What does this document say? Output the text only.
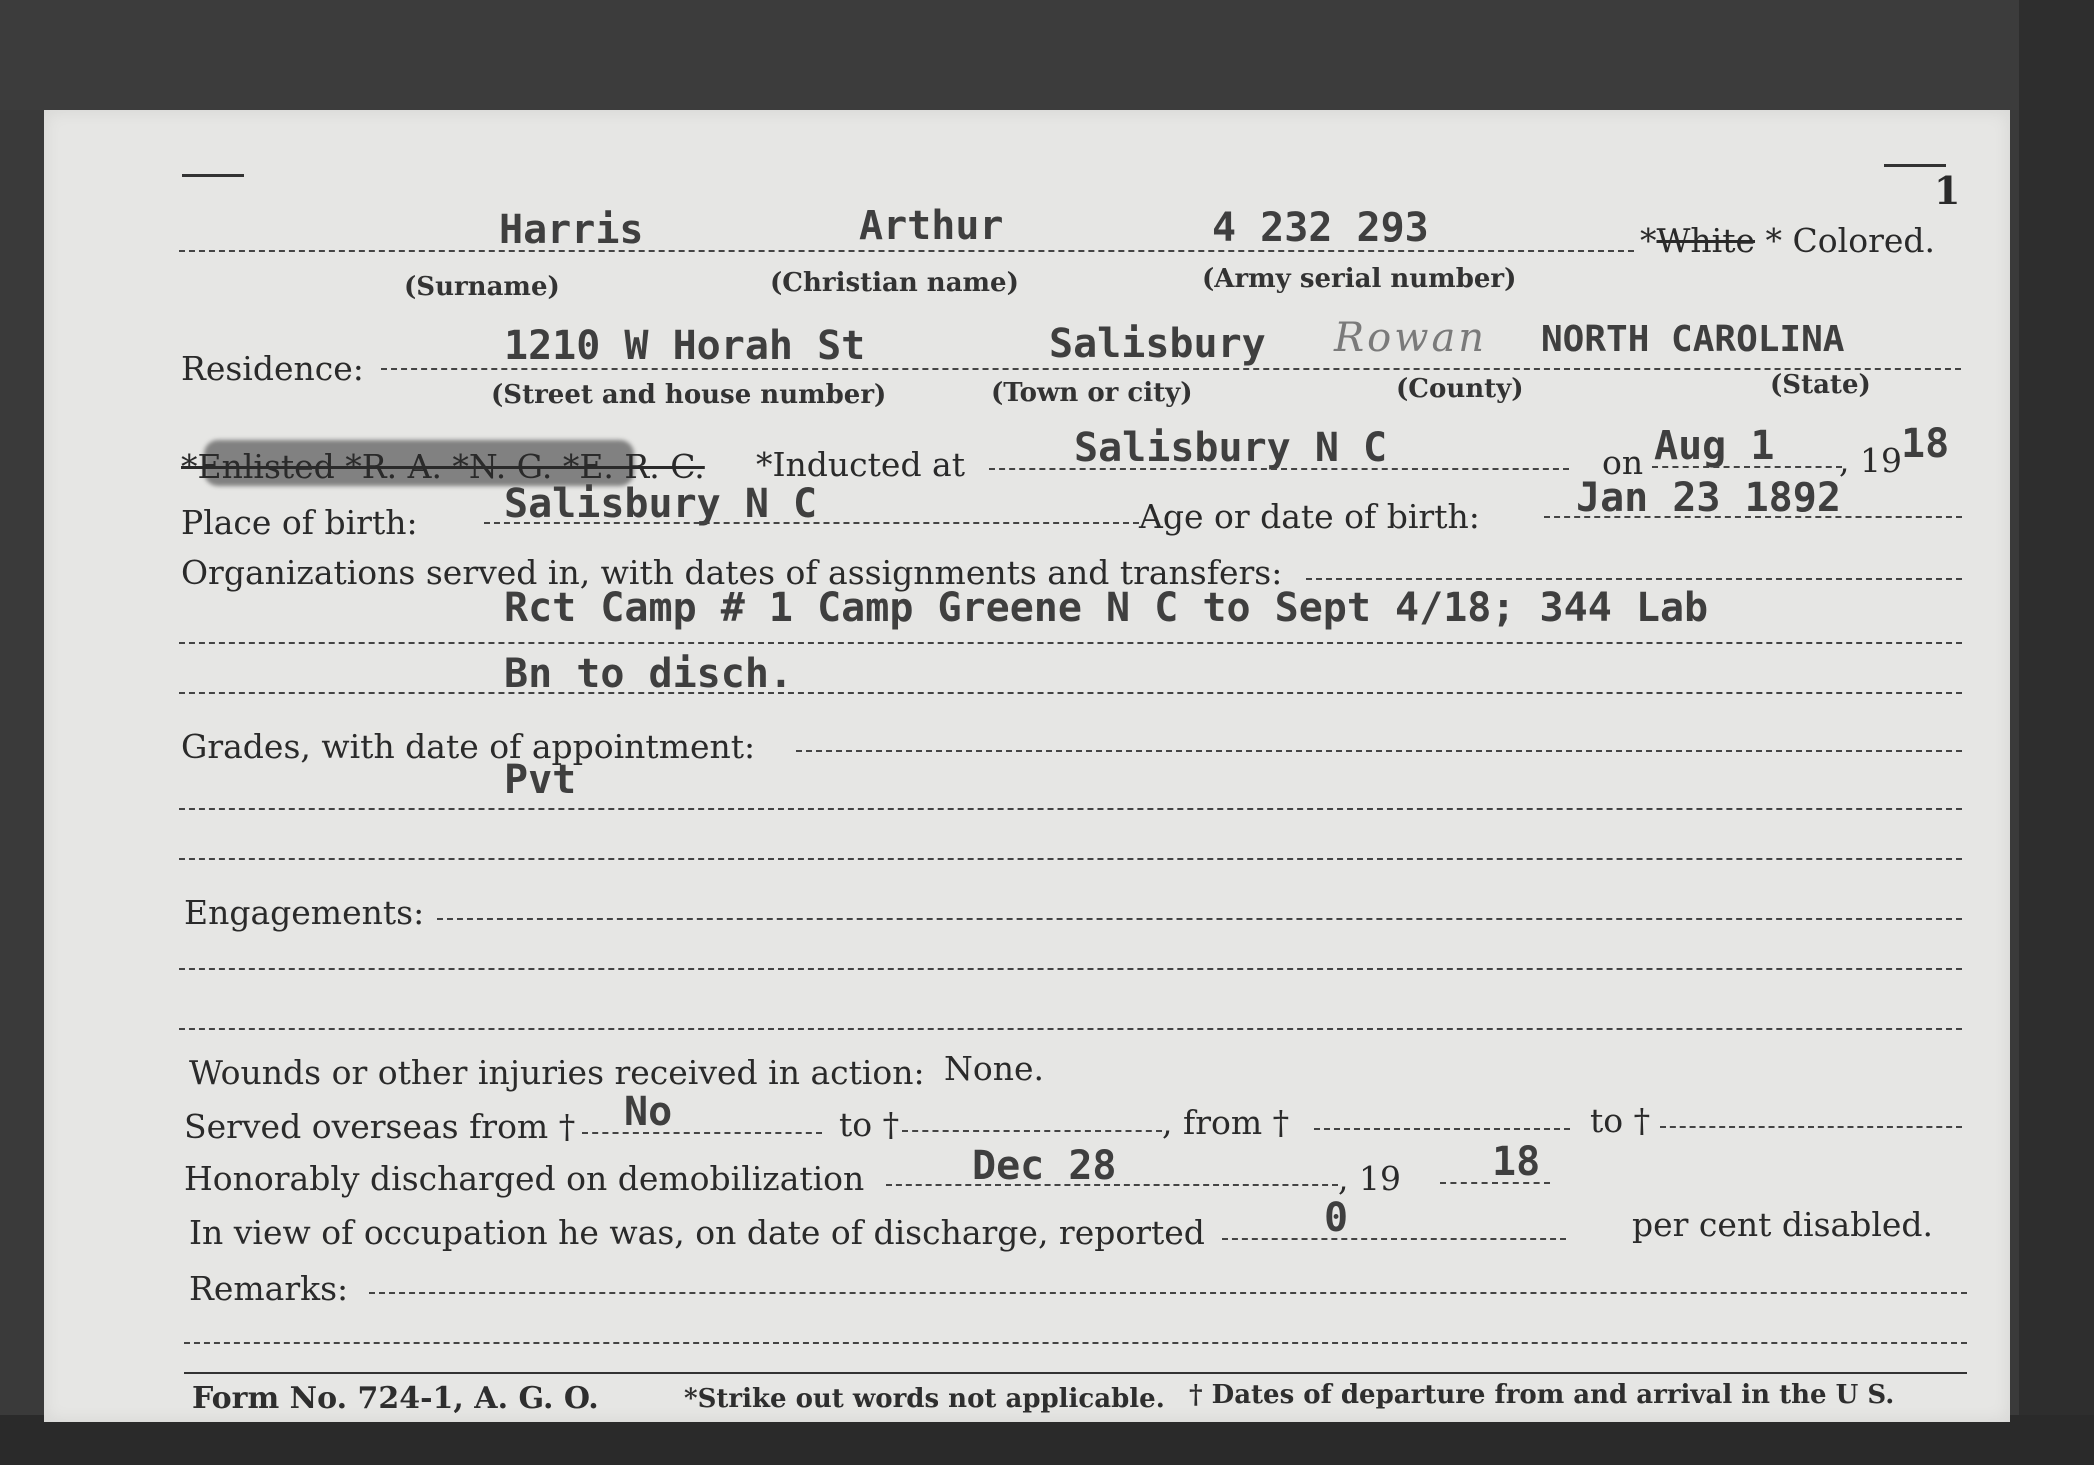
1
Harris	Arthur	4 232 293	*White * Colored.
(Surname)	(Christian name)	(Army serial number)
Residence:	1210 W Horah St	Salisbury Rowan NORTH CAROLINA
(Street and house number)	(Town or city)	(County)	(State)
*Enlisted *R. A. *N. G. *E. R. C. *Inducted at	Salisbury N C	on Aug 1 , 19 18
Place of birth: Salisbury N C	Age or date of birth: Jan 23 1892
Organizations served in, with dates of assignments and transfers:
Rct Camp # 1 Camp Greene N C to Sept 4/18; 344 Lab
Bn to disch.
Grades, with date of appointment:
Pvt
Engagements:
Wounds or other injuries received in action: None.
Served overseas from † No	to †	, from †	to †
Honorably discharged on demobilization	Dec 28	, 19 18
In view of occupation he was, on date of discharge, reported	0	per cent disabled.
Remarks:
Form No. 724-1, A. G. O.	*Strike out words not applicable. † Dates of departure from and arrival in the U S.
